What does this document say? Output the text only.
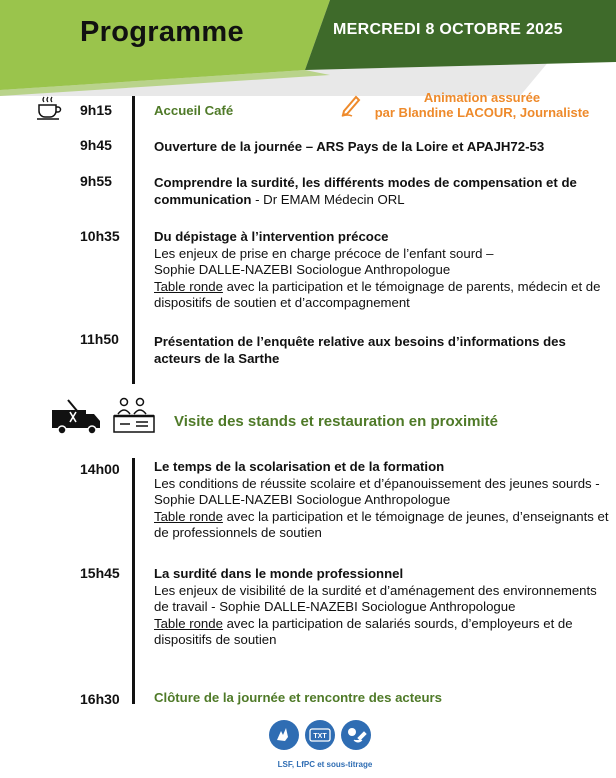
Programme	MERCREDI 8 OCTOBRE 2025
Animation assurée
par Blandine LACOUR, Journaliste
9h15	Accueil Café
9h45	Ouverture de la journée – ARS Pays de la Loire et APAJH72-53
9h55	Comprendre la surdité, les différents modes de compensation et de communication - Dr EMAM Médecin ORL
10h35	Du dépistage à l’intervention précoce
Les enjeux de prise en charge précoce de l’enfant sourd –
Sophie DALLE-NAZEBI Sociologue Anthropologue
Table ronde avec la participation et le témoignage de parents, médecin et de dispositifs de soutien et d’accompagnement
11h50	Présentation de l’enquête relative aux besoins d’informations des acteurs de la Sarthe
Visite des stands et restauration en proximité
14h00	Le temps de la scolarisation et de la formation
Les conditions de réussite scolaire et d’épanouissement des jeunes sourds - Sophie DALLE-NAZEBI Sociologue Anthropologue
Table ronde avec la participation et le témoignage de jeunes, d’enseignants et de professionnels de soutien
15h45	La surdité dans le monde professionnel
Les enjeux de visibilité de la surdité et d’aménagement des environnements de travail - Sophie DALLE-NAZEBI Sociologue Anthropologue
Table ronde avec la participation de salariés sourds, d’employeurs et de dispositifs de soutien
16h30	Clôture de la journée et rencontre des acteurs
TXT
LSF, LfPC et sous-titrage
